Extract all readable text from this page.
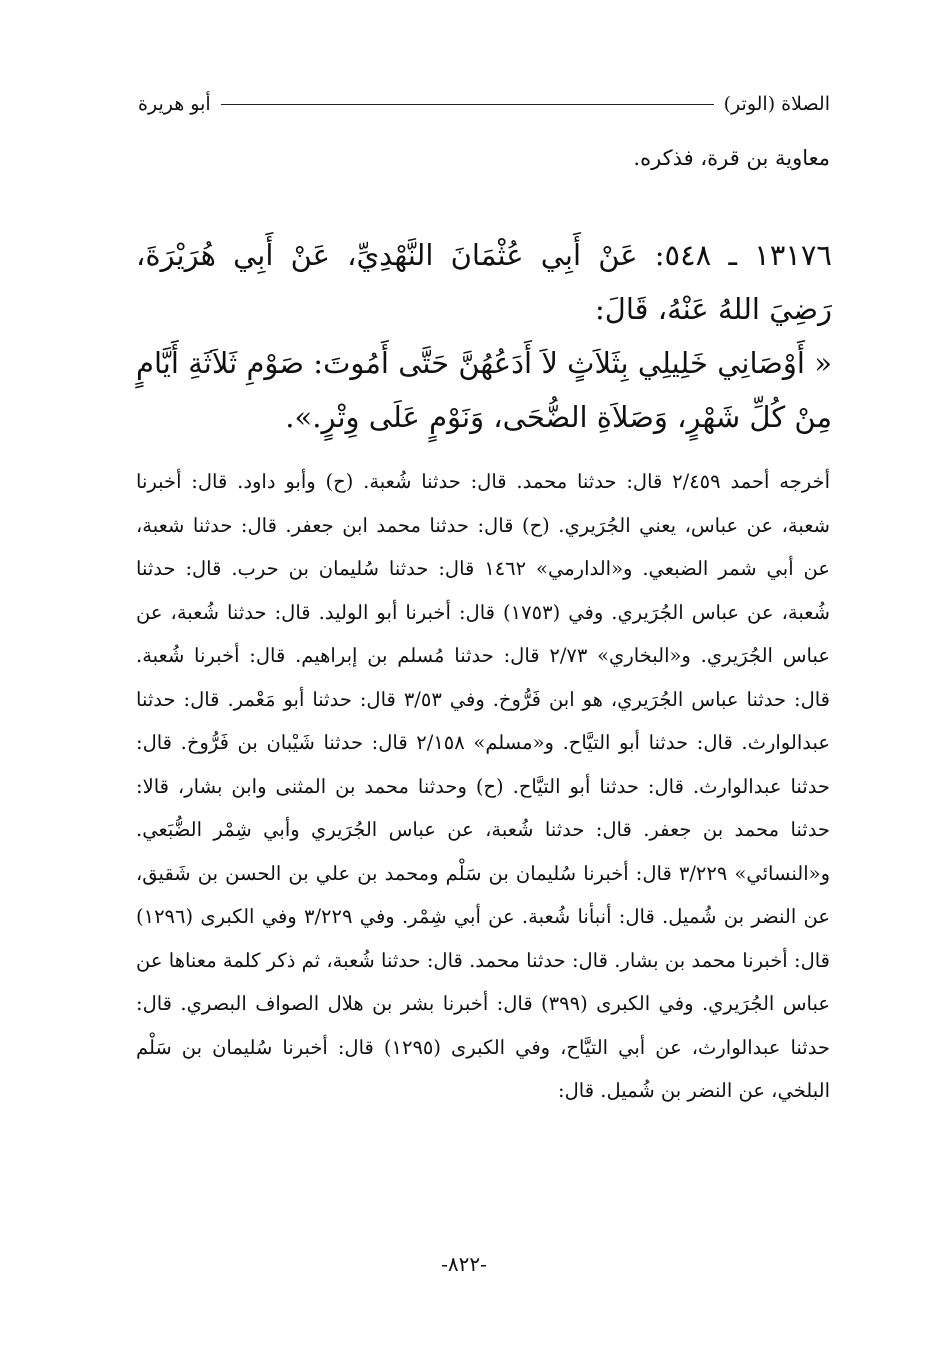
الصلاة (الوتر)
أبو هريرة
معاوية بن قرة، فذكره.

١٣١٧٦ ـ ٥٤٨: عَنْ أَبِي عُثْمَانَ النَّهْدِيِّ، عَنْ أَبِي هُرَيْرَةَ، رَضِيَ اللهُ عَنْهُ، قَالَ:

« أَوْصَانِي خَلِيلِي بِثَلاَثٍ لاَ أَدَعُهُنَّ حَتَّى أَمُوتَ: صَوْمِ ثَلاَثَةِ أَيَّامٍ مِنْ كُلِّ شَهْرٍ، وَصَلاَةِ الضُّحَى، وَنَوْمٍ عَلَى وِتْرٍ.».

أخرجه أحمد ٢/٤٥٩ قال: حدثنا محمد. قال: حدثنا شُعبة. (ح) وأبو داود. قال: أخبرنا شعبة، عن عباس، يعني الجُرَيري. (ح) قال: حدثنا محمد ابن جعفر. قال: حدثنا شعبة، عن أبي شمر الضبعي. و«الدارمي» ١٤٦٢ قال: حدثنا سُليمان بن حرب. قال: حدثنا شُعبة، عن عباس الجُرَيري. وفي (١٧٥٣) قال: أخبرنا أبو الوليد. قال: حدثنا شُعبة، عن عباس الجُرَيري. و«البخاري» ٢/٧٣ قال: حدثنا مُسلم بن إبراهيم. قال: أخبرنا شُعبة. قال: حدثنا عباس الجُرَيري، هو ابن فَرُّوخ. وفي ٣/٥٣ قال: حدثنا أبو مَعْمر. قال: حدثنا عبدالوارث. قال: حدثنا أبو التيَّاح. و«مسلم» ٢/١٥٨ قال: حدثنا شَيْبان بن فَرُّوخ. قال: حدثنا عبدالوارث. قال: حدثنا أبو التيَّاح. (ح) وحدثنا محمد بن المثنى وابن بشار، قالا: حدثنا محمد بن جعفر. قال: حدثنا شُعبة، عن عباس الجُرَيري وأبي شِمْر الضُّبَعي. و«النسائي» ٣/٢٢٩ قال: أخبرنا سُليمان بن سَلْم ومحمد بن علي بن الحسن بن شَقيق، عن النضر بن شُميل. قال: أنبأنا شُعبة. عن أبي شِمْر. وفي ٣/٢٢٩ وفي الكبرى (١٢٩٦) قال: أخبرنا محمد بن بشار. قال: حدثنا محمد. قال: حدثنا شُعبة، ثم ذكر كلمة معناها عن عباس الجُرَيري. وفي الكبرى (٣٩٩) قال: أخبرنا بشر بن هلال الصواف البصري. قال: حدثنا عبدالوارث، عن أبي التيَّاح، وفي الكبرى (١٢٩٥) قال: أخبرنا سُليمان بن سَلْم البلخي، عن النضر بن شُميل. قال:

-٨٢٢-
